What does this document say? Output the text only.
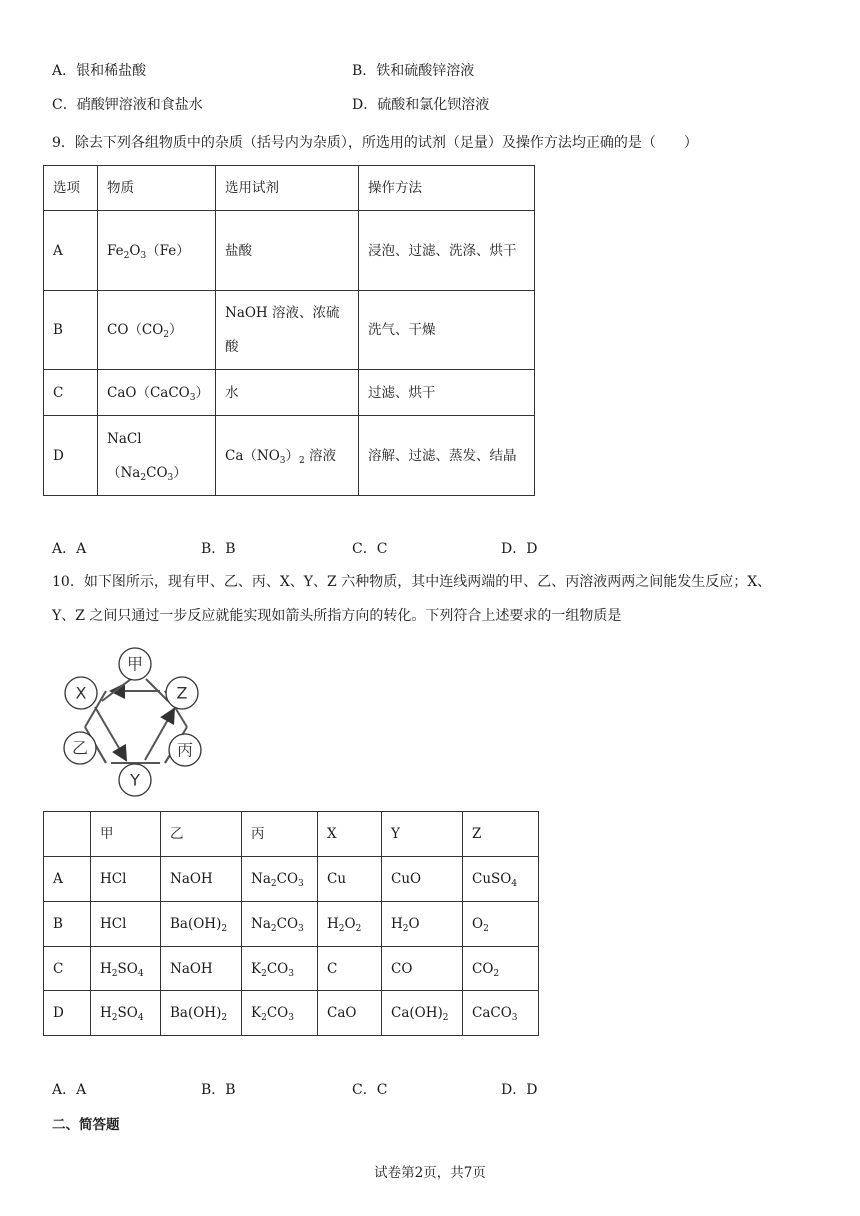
A．银和稀盐酸	B．铁和硫酸锌溶液
C．硝酸钾溶液和食盐水	D．硫酸和氯化钡溶液
9．除去下列各组物质中的杂质（括号内为杂质），所选用的试剂（足量）及操作方法均正确的是（　　）
选项	物质	选用试剂	操作方法
A	$Fe_2O_3(Fe)$	盐酸	浸泡、过滤、洗涤、烘干

B	$CO(CO_2)$	NaOH 溶液、浓硫酸	洗气、干燥
C	CaO（CaCO$_3$）	水	过滤、烘干
D	$NaCl(Na_2CO_3)$	$Ca(NO_3)_2$ 溶液	溶解、过滤、蒸发、结晶
A．A	B．B	C．C	D．D
10．如下图所示，现有甲、乙、丙、X、Y、Z 六种物质，其中连线两端的甲、乙、丙溶液两两之间能发生反应；X、
Y、Z 之间只通过一步反应就能实现如箭头所指方向的转化。下列符合上述要求的一组物质是
甲
X	Z
乙	丙
Y
	甲	乙	丙	X	Y	Z
A	HCl	NaOH	$Na_2CO_3$	Cu	CuO	CuSO$_4$
B	HCl	$Ba(OH)_2$	$Na_2CO_3$	$H_2O_2$	$H_2O$	$O_2$
C	$H_2SO_4$	NaOH	$K_2CO_3$	C	CO	$CO_2$
D	$H_2SO_4$	$Ba(OH)_2$	$K_2CO_3$	CaO	$Ca(OH)_2$	CaCO$_3$
A．A	B．B	C．C	D．D
二、简答题
试卷第2页，共7页
